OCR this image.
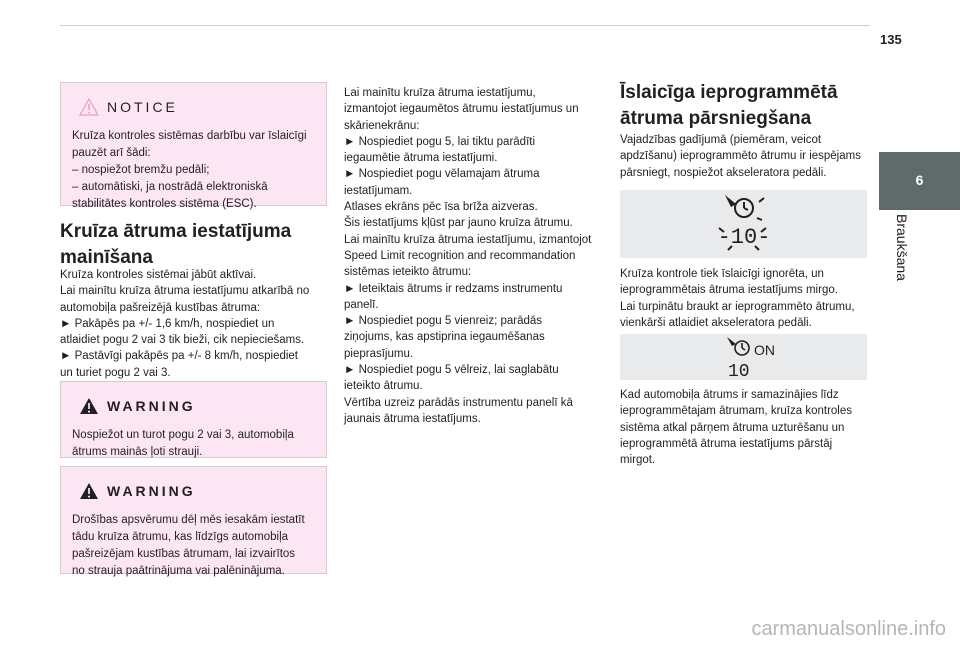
135
6
Braukšana
NOTICE
Kruīza kontroles sistēmas darbību var īslaicīgi
pauzēt arī šādi:
– nospiežot bremžu pedāli;
– automātiski, ja nostrādā elektroniskā
stabilitātes kontroles sistēma (ESC).
Kruīza ātruma iestatījuma
mainīšana

Kruīza kontroles sistēmai jābūt aktīvai.

Lai mainītu kruīza ātruma iestatījumu atkarībā no

automobiļa pašreizējā kustības ātruma:

► Pakāpēs pa +/- 1,6 km/h, nospiediet un

atlaidiet pogu 2 vai 3 tik bieži, cik nepieciešams.

► Pastāvīgi pakāpēs pa +/- 8 km/h, nospiediet

un turiet pogu 2 vai 3.

WARNING
Nospiežot un turot pogu 2 vai 3, automobiļa
ātrums mainās ļoti strauji.
WARNING
Drošības apsvērumu dēļ mēs iesakām iestatīt
tādu kruīza ātrumu, kas līdzīgs automobiļa
pašreizējam kustības ātrumam, lai izvairītos
no strauja paātrinājuma vai palēninājuma.

Lai mainītu kruīza ātruma iestatījumu,

izmantojot iegaumētos ātrumu iestatījumus un

skārienekrānu:

► Nospiediet pogu 5, lai tiktu parādīti

iegaumētie ātruma iestatījumi.

► Nospiediet pogu vēlamajam ātruma

iestatījumam.

Atlases ekrāns pēc īsa brīža aizveras.

Šis iestatījums kļūst par jauno kruīza ātrumu.

Lai mainītu kruīza ātruma iestatījumu, izmantojot

Speed Limit recognition and recommandation

sistēmas ieteikto ātrumu:

► Ieteiktais ātrums ir redzams instrumentu

panelī.

► Nospiediet pogu 5 vienreiz; parādās

ziņojums, kas apstiprina iegaumēšanas

pieprasījumu.

► Nospiediet pogu 5 vēlreiz, lai saglabātu

ieteikto ātrumu.

Vērtība uzreiz parādās instrumentu panelī kā

jaunais ātruma iestatījums.

Īslaicīga ieprogrammētā
ātruma pārsniegšana

Vajadzības gadījumā (piemēram, veicot

apdzīšanu) ieprogrammēto ātrumu ir iespējams

pārsniegt, nospiežot akseleratora pedāli.

-10-

Kruīza kontrole tiek īslaicīgi ignorēta, un

ieprogrammētais ātruma iestatījums mirgo.

Lai turpinātu braukt ar ieprogrammēto ātrumu,

vienkārši atlaidiet akseleratora pedāli.

ON
10

Kad automobiļa ātrums ir samazinājies līdz

ieprogrammētajam ātrumam, kruīza kontroles

sistēma atkal pārņem ātruma uzturēšanu un

ieprogrammētā ātruma iestatījums pārstāj

mirgot.

carmanualsonline.info
